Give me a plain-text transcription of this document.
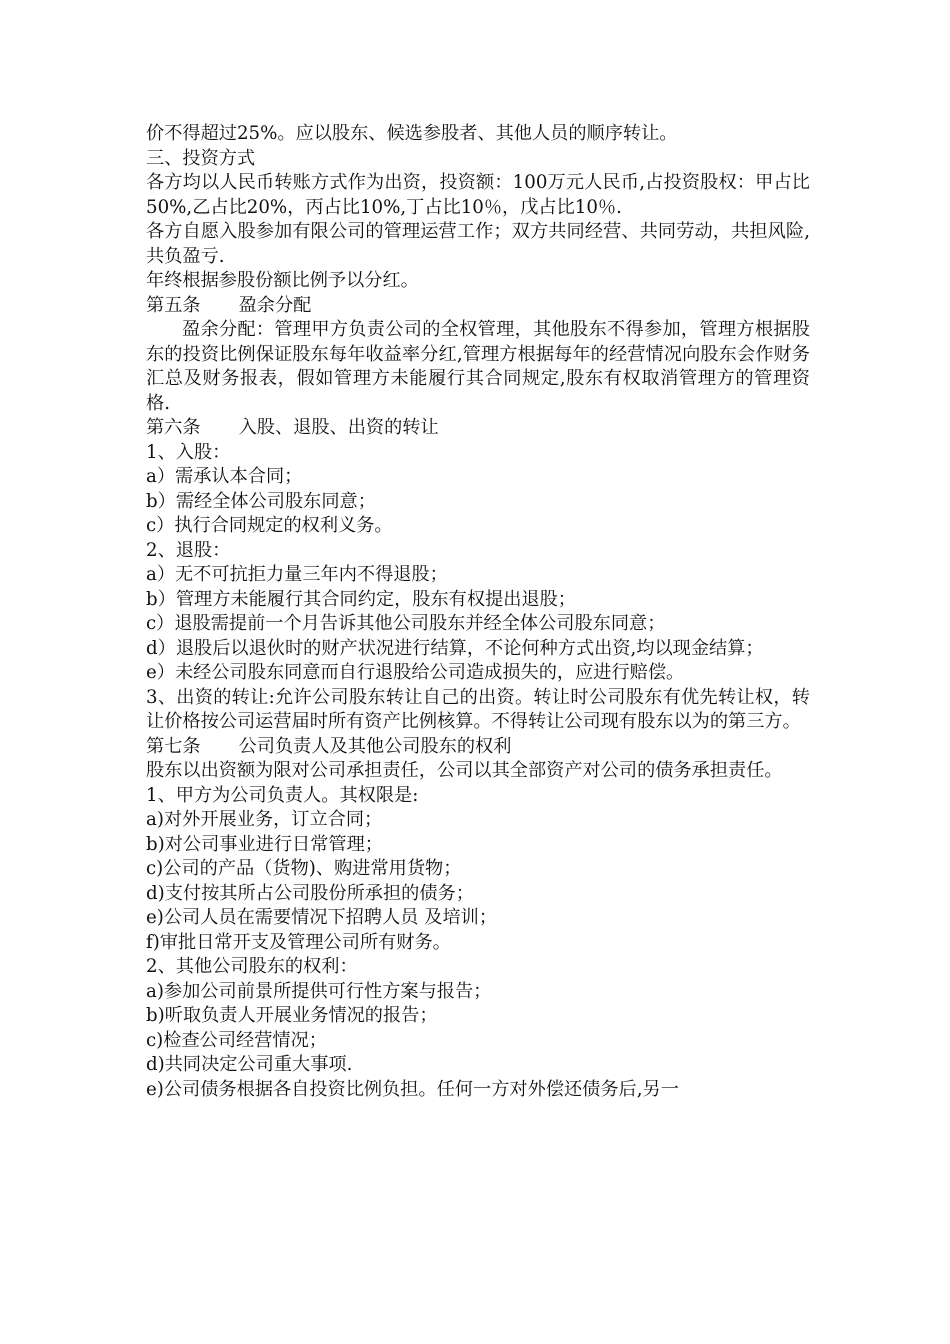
价不得超过25%。应以股东、候选参股者、其他人员的顺序转让。

三、投资方式

各方均以人民币转账方式作为出资，投资额：100万元人民币,占投资股权：甲占比50%,乙占比20%，丙占比10%,丁占比10％，戊占比10％.

各方自愿入股参加有限公司的管理运营工作；双方共同经营、共同劳动，共担风险,共负盈亏.

年终根据参股份额比例予以分红。

第五条 盈余分配

盈余分配：管理甲方负责公司的全权管理，其他股东不得参加，管理方根据股东的投资比例保证股东每年收益率分红,管理方根据每年的经营情况向股东会作财务汇总及财务报表，假如管理方未能履行其合同规定,股东有权取消管理方的管理资格.

第六条 入股、退股、出资的转让

1、入股：

a）需承认本合同；

b）需经全体公司股东同意；

c）执行合同规定的权利义务。

2、退股：

a）无不可抗拒力量三年内不得退股；

b）管理方未能履行其合同约定，股东有权提出退股；

c）退股需提前一个月告诉其他公司股东并经全体公司股东同意；

d）退股后以退伙时的财产状况进行结算，不论何种方式出资,均以现金结算；

e）未经公司股东同意而自行退股给公司造成损失的，应进行赔偿。

3、出资的转让:允许公司股东转让自己的出资。转让时公司股东有优先转让权，转让价格按公司运营届时所有资产比例核算。不得转让公司现有股东以为的第三方。

第七条 公司负责人及其他公司股东的权利

股东以出资额为限对公司承担责任，公司以其全部资产对公司的债务承担责任。

1、甲方为公司负责人。其权限是:

a)对外开展业务，订立合同；

b)对公司事业进行日常管理；

c)公司的产品（货物)、购进常用货物；

d)支付按其所占公司股份所承担的债务；

e)公司人员在需要情况下招聘人员 及培训；

f)审批日常开支及管理公司所有财务。

2、其他公司股东的权利：

a)参加公司前景所提供可行性方案与报告；

b)听取负责人开展业务情况的报告；

c)检查公司经营情况；

d)共同决定公司重大事项.

e)公司债务根据各自投资比例负担。任何一方对外偿还债务后,另一
